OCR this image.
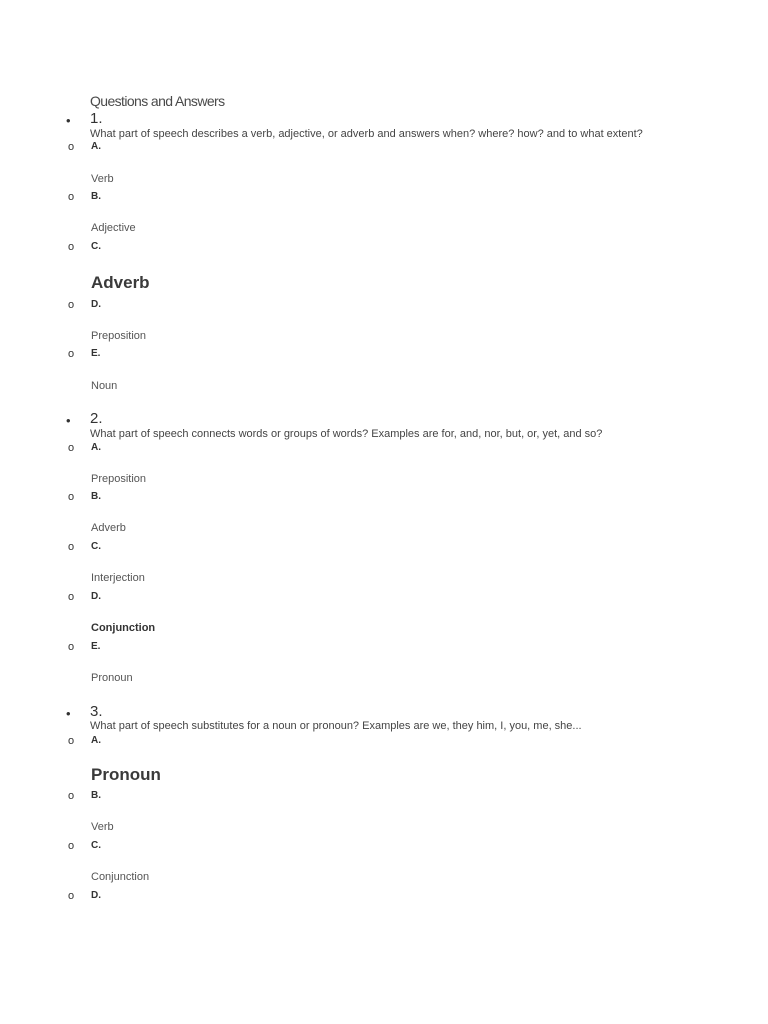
Questions and Answers
• 1.
What part of speech describes a verb, adjective, or adverb and answers when? where? how? and to what extent?
o A.
Verb
o B.
Adjective
o C.
Adverb
o D.
Preposition
o E.
Noun
• 2.
What part of speech connects words or groups of words? Examples are for, and, nor, but, or, yet, and so?
o A.
Preposition
o B.
Adverb
o C.
Interjection
o D.
Conjunction
o E.
Pronoun
• 3.
What part of speech substitutes for a noun or pronoun? Examples are we, they him, I, you, me, she...
o A.
Pronoun
o B.
Verb
o C.
Conjunction
o D.
